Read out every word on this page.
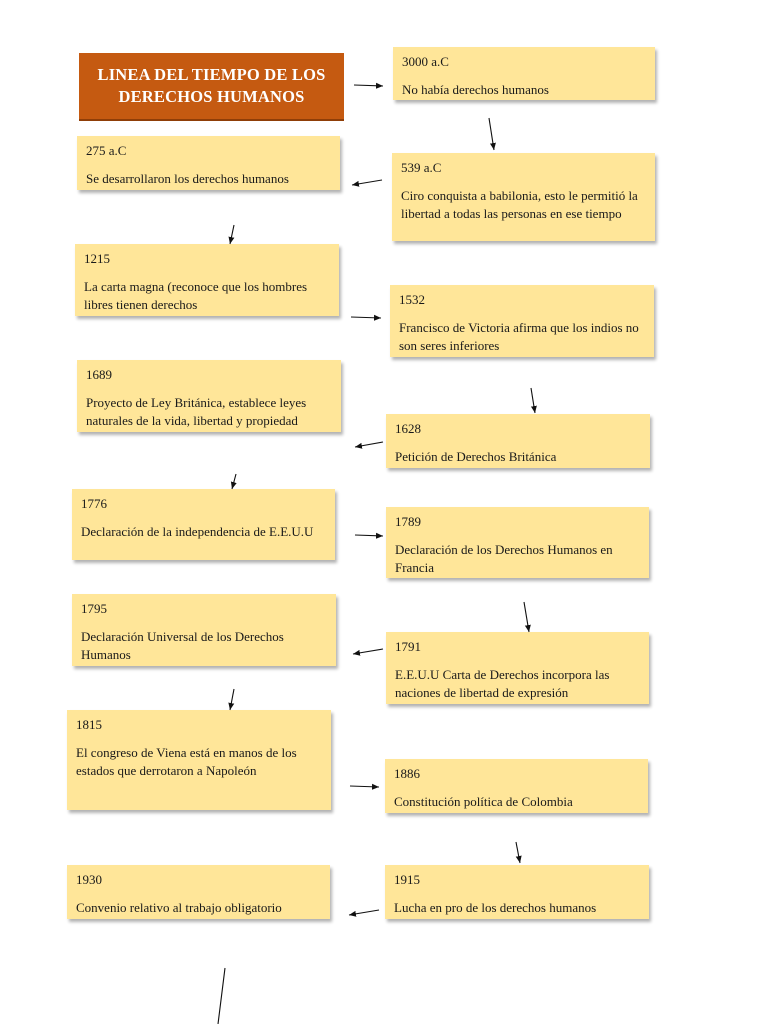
LINEA DEL TIEMPO DE LOS DERECHOS HUMANOS
3000 a.C
No había derechos humanos
539 a.C
Ciro conquista a babilonia, esto le permitió la libertad a todas las personas en ese tiempo
275 a.C
Se desarrollaron los derechos humanos
1215
La carta magna (reconoce que los hombres libres tienen derechos	1532
Francisco de Victoria afirma que los indios no son seres inferiores
1628
Petición de Derechos Británica
1689
Proyecto de Ley Británica, establece leyes naturales de la vida, libertad y propiedad
1776
Declaración de la independencia de E.E.U.U
1789
Declaración de los Derechos Humanos en Francia
1791
E.E.U.U Carta de Derechos incorpora las naciones de libertad de expresión
1795
Declaración Universal de los Derechos Humanos
1815
El congreso de Viena está en manos de los estados que derrotaron a Napoleón	1886
Constitución política de Colombia
1915
Lucha en pro de los derechos humanos
1930
Convenio relativo al trabajo obligatorio
